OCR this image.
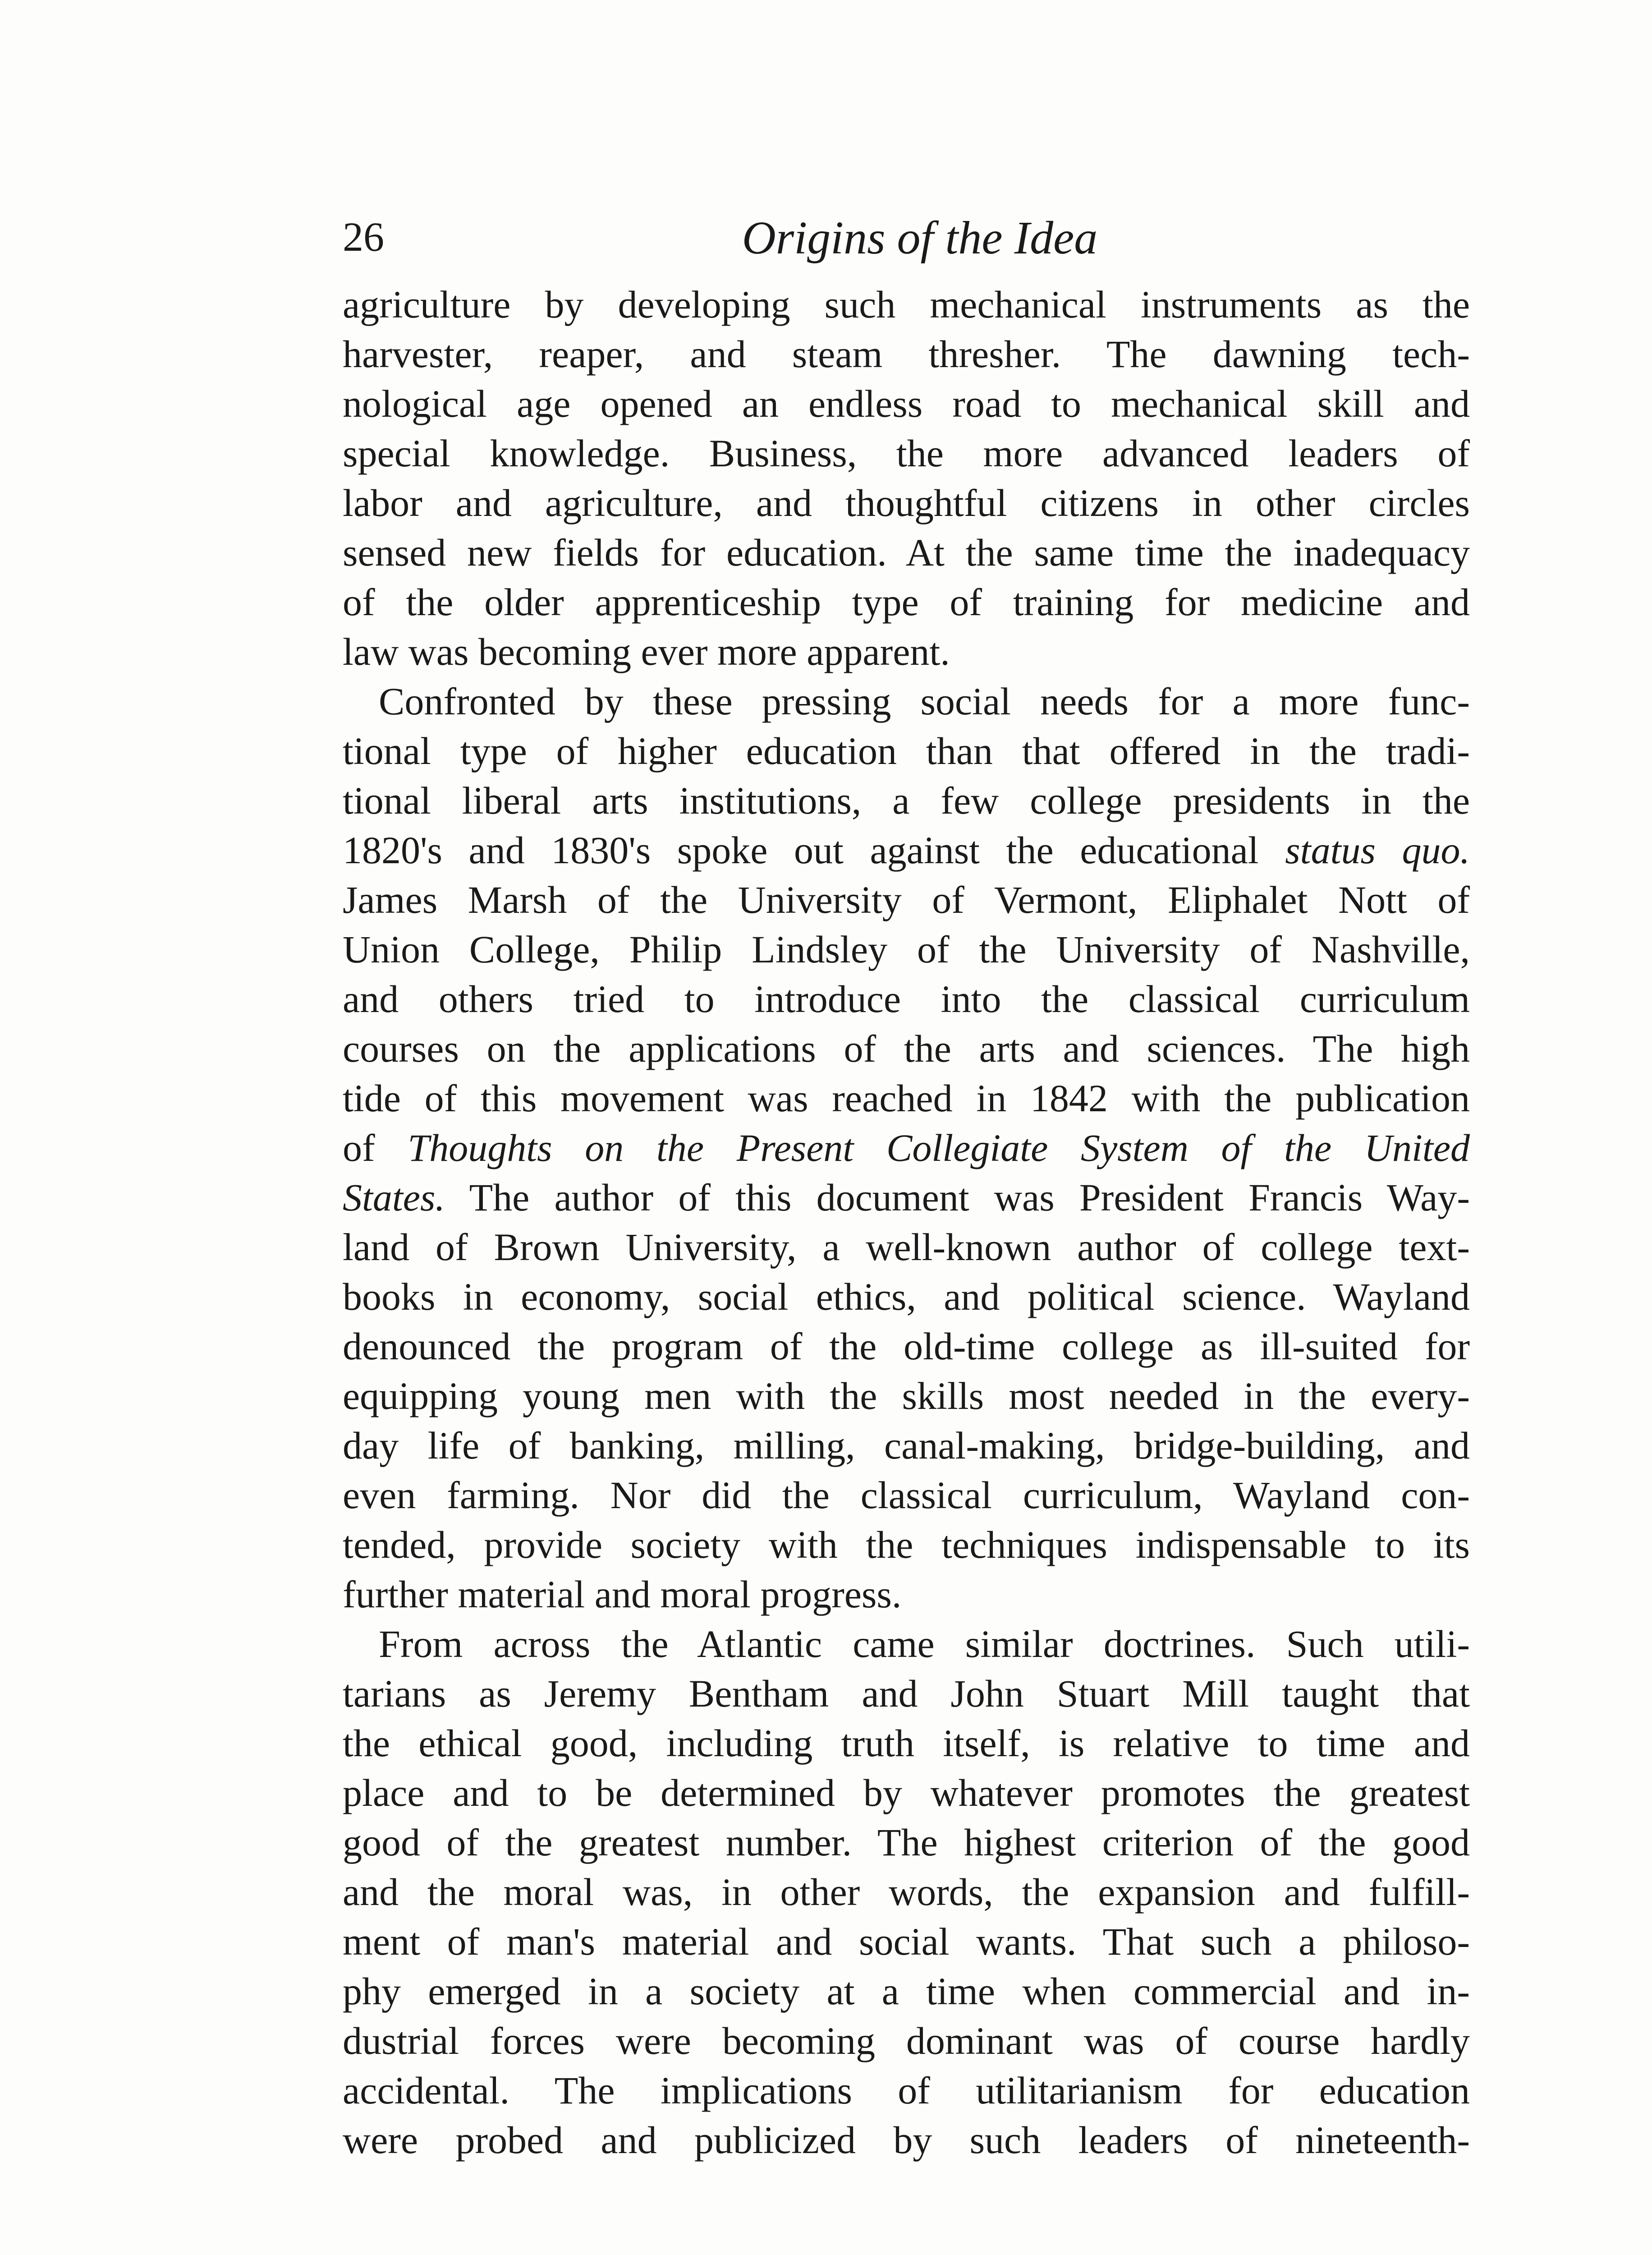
26	Origins of the Idea
agriculture by developing such mechanical instruments as the
harvester, reaper, and steam thresher. The dawning tech-
nological age opened an endless road to mechanical skill and
special knowledge. Business, the more advanced leaders of
labor and agriculture, and thoughtful citizens in other circles
sensed new fields for education. At the same time the inadequacy
of the older apprenticeship type of training for medicine and
law was becoming ever more apparent.
Confronted by these pressing social needs for a more func-
tional type of higher education than that offered in the tradi-
tional liberal arts institutions, a few college presidents in the
1820's and 1830's spoke out against the educational status quo.
James Marsh of the University of Vermont, Eliphalet Nott of
Union College, Philip Lindsley of the University of Nashville,
and others tried to introduce into the classical curriculum
courses on the applications of the arts and sciences. The high
tide of this movement was reached in 1842 with the publication
of Thoughts on the Present Collegiate System of the United
States. The author of this document was President Francis Way-
land of Brown University, a well-known author of college text-
books in economy, social ethics, and political science. Wayland
denounced the program of the old-time college as ill-suited for
equipping young men with the skills most needed in the every-
day life of banking, milling, canal-making, bridge-building, and
even farming. Nor did the classical curriculum, Wayland con-
tended, provide society with the techniques indispensable to its
further material and moral progress.
From across the Atlantic came similar doctrines. Such utili-
tarians as Jeremy Bentham and John Stuart Mill taught that
the ethical good, including truth itself, is relative to time and
place and to be determined by whatever promotes the greatest
good of the greatest number. The highest criterion of the good
and the moral was, in other words, the expansion and fulfill-
ment of man's material and social wants. That such a philoso-
phy emerged in a society at a time when commercial and in-
dustrial forces were becoming dominant was of course hardly
accidental. The implications of utilitarianism for education
were probed and publicized by such leaders of nineteenth-
